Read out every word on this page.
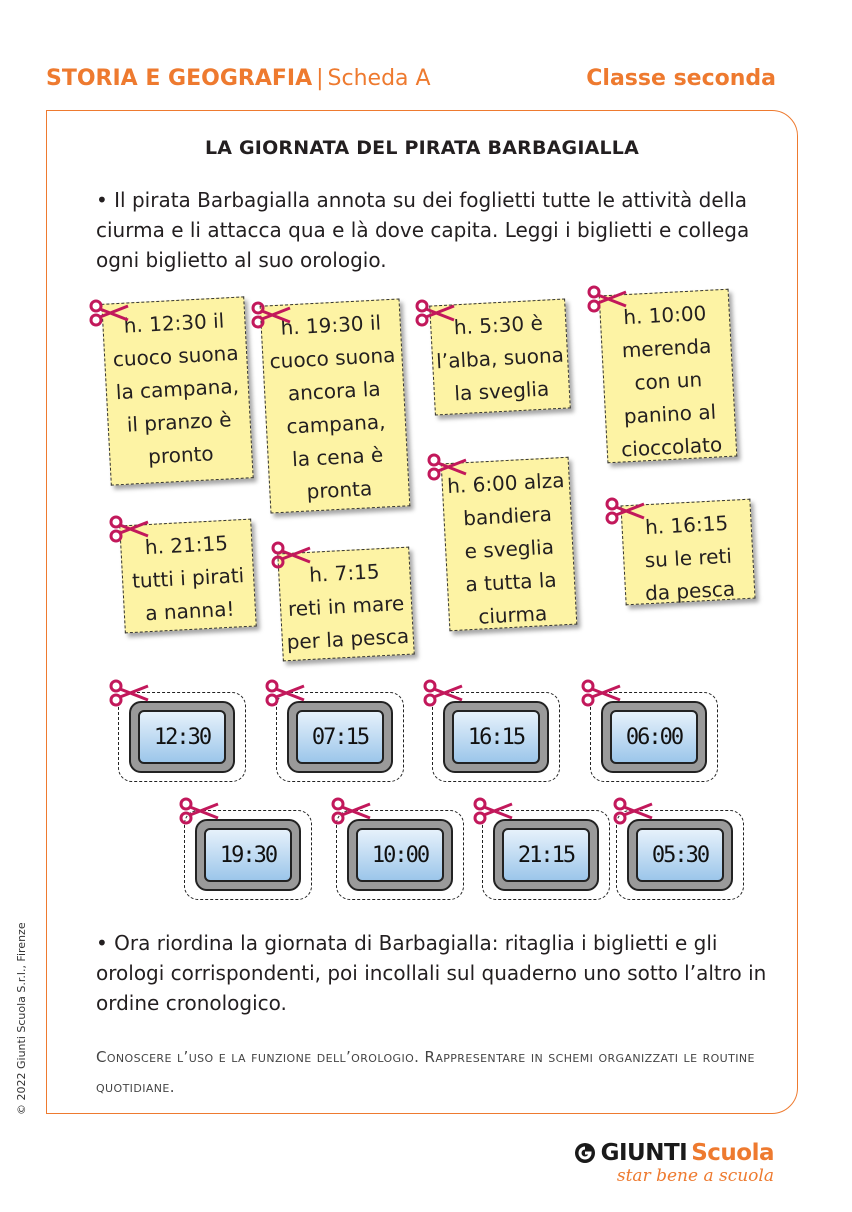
STORIA E GEOGRAFIA | Scheda A	Classe seconda
LA GIORNATA DEL PIRATA BARBAGIALLA
• Il pirata Barbagialla annota su dei foglietti tutte le attività della ciurma e li attacca qua e là dove capita. Leggi i biglietti e collega ogni biglietto al suo orologio.
h. 12:30 il
cuoco suona
la campana,
il pranzo è
pronto
h. 19:30 il
cuoco suona
ancora la
campana,
la cena è
pronta
h. 5:30 è
l’alba, suona
la sveglia
h. 10:00
merenda
con un
panino al
cioccolato
h. 6:00 alza
bandiera
e sveglia
a tutta la
ciurma
h. 21:15
tutti i pirati
a nanna!
h. 7:15
reti in mare
per la pesca
h. 16:15
su le reti
da pesca
12:30	07:15	16:15	06:00
19:30	10:00	21:15	05:30
• Ora riordina la giornata di Barbagialla: ritaglia i biglietti e gli orologi corrispondenti, poi incollali sul quaderno uno sotto l’altro in ordine cronologico.
Conoscere l’uso e la funzione dell’orologio. Rappresentare in schemi organizzati le routine quotidiane.
© 2022 Giunti Scuola S.r.l., Firenze
GIUNTI Scuola
star bene a scuola
